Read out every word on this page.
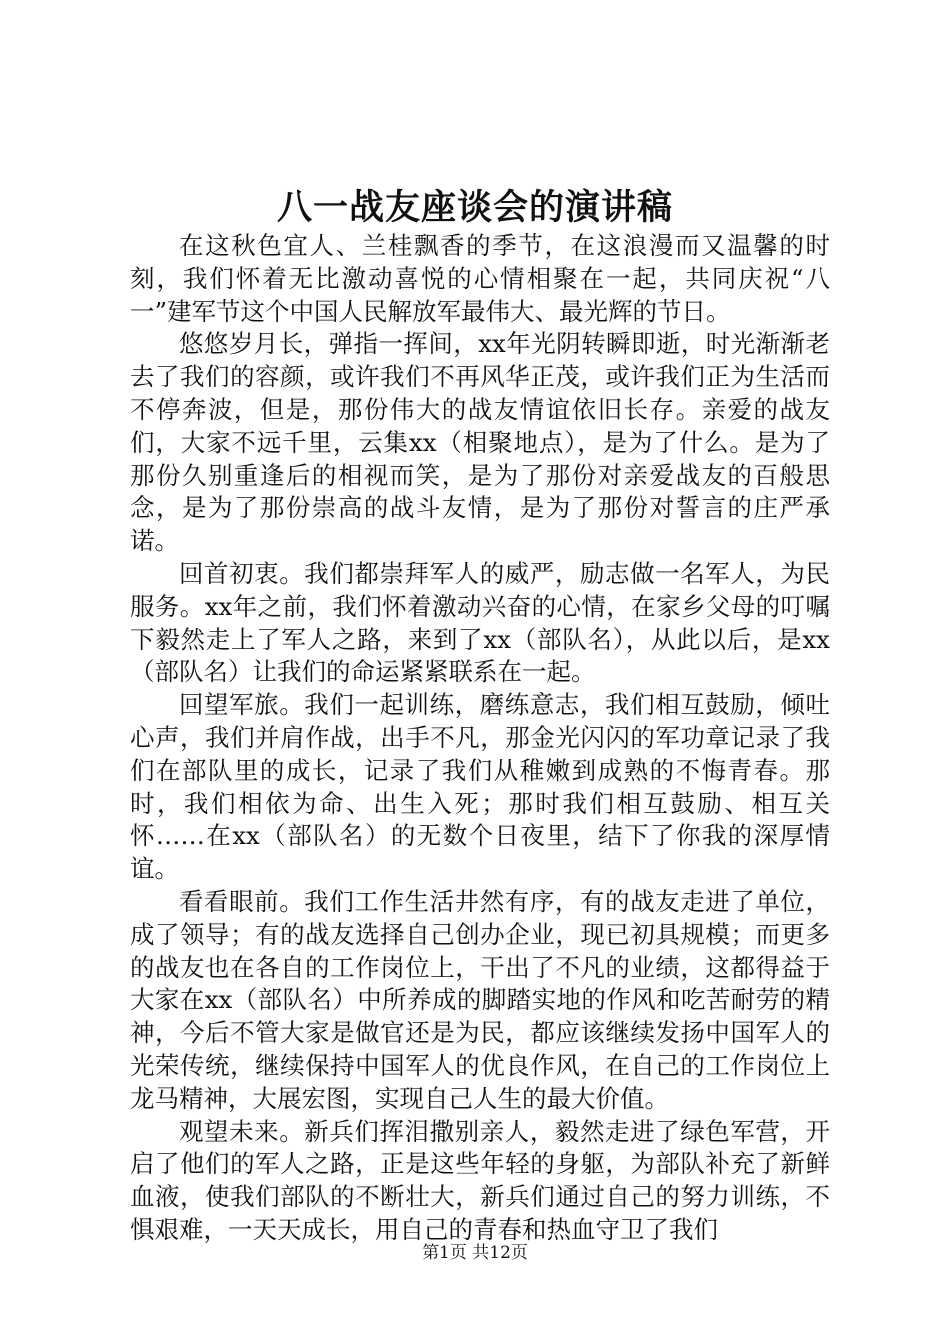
八一战友座谈会的演讲稿

在这秋色宜人、兰桂飘香的季节，在这浪漫而又温馨的时刻，我们怀着无比激动喜悦的心情相聚在一起，共同庆祝“八一”建军节这个中国人民解放军最伟大、最光辉的节日。

悠悠岁月长，弹指一挥间，xx年光阴转瞬即逝，时光渐渐老去了我们的容颜，或许我们不再风华正茂，或许我们正为生活而不停奔波，但是，那份伟大的战友情谊依旧长存。亲爱的战友们，大家不远千里，云集xx（相聚地点），是为了什么。是为了那份久别重逢后的相视而笑，是为了那份对亲爱战友的百般思念，是为了那份崇高的战斗友情，是为了那份对誓言的庄严承诺。

回首初衷。我们都崇拜军人的威严，励志做一名军人，为民服务。xx年之前，我们怀着激动兴奋的心情，在家乡父母的叮嘱下毅然走上了军人之路，来到了xx（部队名），从此以后，是xx（部队名）让我们的命运紧紧联系在一起。

回望军旅。我们一起训练，磨练意志，我们相互鼓励，倾吐心声，我们并肩作战，出手不凡，那金光闪闪的军功章记录了我们在部队里的成长，记录了我们从稚嫩到成熟的不悔青春。那时，我们相依为命、出生入死；那时我们相互鼓励、相互关怀……在xx（部队名）的无数个日夜里，结下了你我的深厚情谊。

看看眼前。我们工作生活井然有序，有的战友走进了单位，成了领导；有的战友选择自己创办企业，现已初具规模；而更多的战友也在各自的工作岗位上，干出了不凡的业绩，这都得益于大家在xx（部队名）中所养成的脚踏实地的作风和吃苦耐劳的精神，今后不管大家是做官还是为民，都应该继续发扬中国军人的光荣传统，继续保持中国军人的优良作风，在自己的工作岗位上龙马精神，大展宏图，实现自己人生的最大价值。

观望未来。新兵们挥泪撒别亲人，毅然走进了绿色军营，开启了他们的军人之路，正是这些年轻的身躯，为部队补充了新鲜血液，使我们部队的不断壮大，新兵们通过自己的努力训练，不惧艰难，一天天成长，用自己的青春和热血守卫了我们

第1页 共12页
